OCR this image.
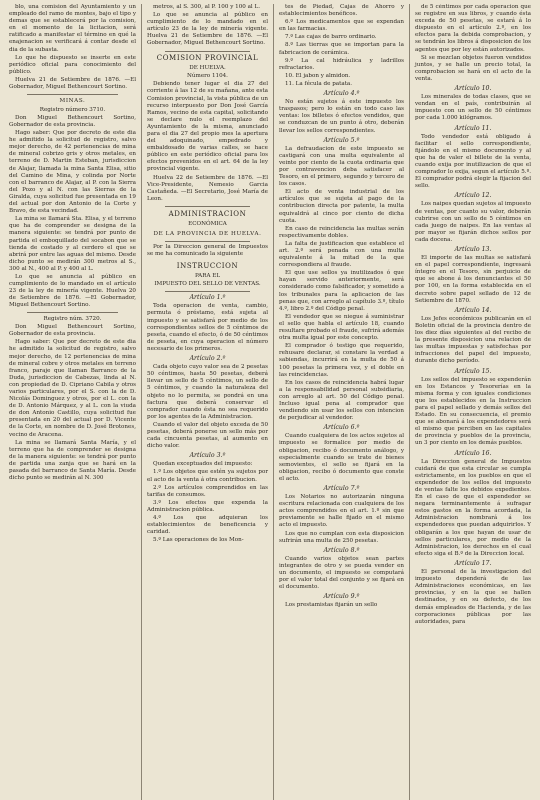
blo, una comision del Ayuntamiento y un empleado del ramo de montes, bajo el tipo y demas que se establecerá por la comision, en el momento de la licitacion, será ratificado a manifestar el término en qué la enajenacion se verificará á contar desde el dia de la subasta.

Lo que he dispuesto se inserte en este periódico oficial para conocimiento del público.

Huelva 21 de Setiembre de 1876. —El Gobernador, Miguel Bethencourt Sortino.

MINAS.

Registro número 3710.

Don Miguel Bethencourt Sortino, Gobernador de esta provincia.

Hago saber: Que por decreto de este dia he admitido la solicitud de registro, salvo mejor derecho, de 42 pertenencias de mina de mineral cobrizo gris y otros metales, en terreno de D. Martin Esteban, jurisdiccion de Alajar, llamada la mina Santa Elisa, sitio del Camino de Mina, y colinda por Norte con el barranco de Alajar, al P. con la Sierra del Pozo y al N. con las Sierras de la Giralda, cuya solicitud fue presentada en 19 del actual por don Antonio de la Corte y Bravo, de esta vecindad.

La mina se llamará Sta. Elisa, y el terreno que ha de comprender se designa de la manera siguiente: se tendrá por punto de partida el emboquillado del socabon que se tienda de costado y al cerdero el que se abrirá por entre las aguas del mismo. Desde dicho punto se medirán 300 metros al S., 300 al N., 400 al P. y 400 al L.

Lo que se anuncia al público en cumplimiento de lo mandado en el artículo 23 de la ley de minería vigente. Huelva 20 de Setiembre de 1876. —El Gobernador, Miguel Bethencourt Sortino.

Registro núm. 3720.

Don Miguel Bethencourt Sortino, Gobernador de esta provincia.

Hago saber: Que por decreto de este dia he admitido la solicitud de registro, salvo mejor derecho, de 12 pertenencias de mina de mineral cobre y otros metales en terreno franco, paraje que llaman Barranco de la Duda, jurisdiccion de Cabezas, linda al N. con propiedad de D. Cipriano Cabila y otros varios particulares, por el S. con la de D. Nicolás Dominguez y otros, por el L. con la de D. Antonio Márquez, y al L. con la viuda de don Antonio Castillo, cuya solicitud fue presentada en 20 del actual por D. Vicente de la Corte, en nombre de D. José Brotones, vecino de Aracena.

La mina se llamará Santa María, y el terreno que ha de comprender se designa de la manera siguiente: se tendrá por punto de partida una zanja que se hará en la pasada del barranco de Santa María. Desde dicho punto se medirán al N. 300

metros, al S. 300, al P. 100 y 100 al L.

Lo que se anuncia al público en cumplimiento de lo mandado en el artículo 23 de la ley de minería vigente. Huelva 21 de Setiembre de 1876. —El Gobernador, Miguel Bethencourt Sortino.

COMISION PROVINCIAL

DE HUELVA.

Número 1104.

Debiendo tener lugar el dia 27 del corriente á las 12 de su mañana, ante esta Comision provincial, la vista pública de un recurso interpuesto por Don José García Ramos, vecino de esta capital, solicitando se declare nulo el reemplazo del Ayuntamiento de la misma, anunciado para el dia 27 del propio mes la apertura del adoquinado, empedrado y embaldosado de varias calles, se hace público en este periódico oficial para los efectos prevenidos en el art. 64 de la ley provincial vigente.

Huelva 22 de Setiembre de 1876. —El Vice-Presidente, Nemesio Garcia Castañeda. —El Secretario, José María de Leon.

ADMINISTRACION

ECONÓMICA

DE LA PROVINCIA DE HUELVA.

Por la Direccion general de Impuestos se me ha comunicado la siguiente

INSTRUCCION

PARA EL

IMPUESTO DEL SELLO DE VENTAS.

Artículo 1.º

Toda operacion de venta, cambio, permuta ó préstamo, está sujeta al impuesto y se satisfará por medio de los correspondientes sellos de 5 céntimos de peseta, cuando el efecto, ó de 50 céntimos de peseta, en cuya operacion el número necesario de los primeros.

Artículo 2.º

Cada objeto cuyo valor sea de 2 pesetas 50 céntimos, hasta 50 pesetas, deberá llevar un sello de 5 céntimos, un sello de 5 céntimos, y cuando la naturaleza del objeto no lo permita, se pondrá en una factura que deberá conservar el comprador cuando ésta no sea requerido por los agentes de la Administracion.

Cuando el valor del objeto exceda de 50 pesetas, deberá ponerse un sello más por cada cincuenta pesetas, al aumento en dicho valor.

Artículo 3.º

Quedan exceptuados del impuesto:

1.º Los objetos que estén ya sujetos por el acto de la venta á otra contribucion.

2.º Los artículos comprendidos en las tarifas de consumos.

3.º Los efectos que expenda la Administracion pública.

4.º Los que adquieran los establecimientos de beneficencia y caridad.

5.º Las operaciones de los Mon-

tes de Piedad, Cajas de Ahorro y establecimientos benéficos.

6.º Los medicamentos que se expendan en las farmacias.

7.º Las cajas de barro ordinario.

8.º Las tierras que se importan para la fabricacion de cerámica.

9.º La cal hidráulica y ladrillos refractarios.

10. El jabon y almidon.

11. La fécula de patata.

Artículo 4.º

No están sujetos á este impuesto los traspasos; pero lo están en todo caso las ventas: los billetes ó efectos vendidos, que se conduzcan de un punto á otro, deberán llevar los sellos correspondientes.

Artículo 5.º

La defraudacion de este impuesto se castigará con una multa equivalente al veinte por ciento de la cuota ordinaria que por contravencion deba satisfacer al Tesoro, en el primero, segundo y tercero de los casos.

El acto de venta industrial de los artículos que se sujeta al pago de la contribucion directa por patente, la multa equivaldrá al cinco por ciento de dicha cuota.

En caso de reincidencia las multas serán respectivamente dobles.

La falta de justificacion que establece el art. 2.º será penada con una multa equivalente á la mitad de la que correspondiera al fraude.

El que use sellos ya inutilizados ó que hayan servido anteriormente, será considerado como falsificador, y sometido a los tribunales para la aplicacion de las penas que, con arreglo al capítulo 3.º, título 4.º, libro 2.º del Código penal.

El vendedor que se niegue á suministrar el sello que habla el artículo 18, cuando resultare probado el fraude, sufrirá además otra multa igual por este concepto.

El comprador ó testigo que requerido, rehusare declarar, si constare la verdad a sabiendas, incurrirá en la multa de 50 á 100 pesetas la primera vez, y el doble en las reincidencias.

En los casos de reincidencia habrá lugar a la responsabilidad personal subsidiaria, con arreglo al art. 50 del Código penal. Incluso igual pena al comprador que vendiendo sin usar los sellos con intencion de perjudicar al vendedor.

Artículo 6.º

Cuando cualquiera de los actos sujetos al impuesto se formalice por medio de obligacion, recibo ó documento análogo, y especialmente cuando se trate de bienes semovientes, el sello se fijará en la obligacion, recibo ó documento que conste el acto.

Artículo 7.º

Los Notarios no autorizarán ninguna escritura relacionada con cualquiera de los actos comprendidos en el art. 1.º sin que previamente se halle fijado en el mismo acto el impuesto.

Los que no cumplan con esta disposicion sufrirán una multa de 250 pesetas.

Artículo 8.º

Cuando varios objetos sean partes integrantes de otro y se pueda vender en un documento, el impuesto se computará por el valor total del conjunto y se fijará en el documento.

Artículo 9.º

Los prestamistas fijarán un sello

de 5 céntimos por cada operacion que se registre en sus libros, y cuando ésta exceda de 50 pesetas, se estará á lo dispuesto en el artículo 2.º, en los efectos para la debida comprobacion, y se tendrán los libros á disposicion de los agentes que por ley están autorizados.

Si se mezclan objetos fueron vendidos juntos, y se halle un precio total, la comprobacion se hará en el acto de la venta.

Artículo 10.

Los minerales de todas clases, que se vendan en el país, contribuirán al impuesto con un sello de 50 céntimos por cada 1.000 kilógramos.

Artículo 11.

Todo vendedor está obligado á facilitar el sello correspondiente, fijándolo en el mismo documento y al que ha de valer el billete de la venta, cuando exija por inutilizacion de que el comprador lo exija, segun el artículo 5.º. El comprador podrá elegir la fijacion del sello.

Artículo 12.

Los naipes quedan sujetos al impuesto de ventas, por cuanto su valor, deberán cubrirse con un sello de 5 céntimos en cada juego de naipes. En las ventas al por mayor se fijarán dichos sellos por cada docena.

Artículo 13.

El importe de las multas se satisfará en el papel correspondiente, ingresará íntegro en el Tesoro, sin perjuicio de que se abone á los denunciantes el 50 por 100, en la forma establecida en el decreto sobre papel sellado de 12 de Setiembre de 1870.

Artículo 14.

Los Jefes económicos publicarán en el Boletin oficial de la provincia dentro de los diez días siguientes al del recibo de la presente disposicion una relacion de las multas impuestas y satisfechas por infracciones del papel del impuesto, durante dicho período.

Artículo 15.

Los sellos del impuesto se expenderán en los Estancos y Tesorerías en la misma forma y con iguales condiciones que los establecidos en la Instruccion para el papel sellado y demás sellos del Estado. En su consecuencia, el premio que se abonará á los expendedores será el mismo que perciben en las capitales de provincia y pueblos de la provincia, un 3 por ciento en los demás pueblos.

Artículo 16.

La Direccion general de Impuestos cuidará de que esta circular se cumpla estrictamente, en los pueblos en que el expendedor de los sellos del impuesto de ventas falte los debidos expedientes. En el caso de que el expendedor se negara terminantemente á sufragar estos gastos en la forma acordada, la Administracion nombrará á los expendedores que puedan adquirirlos. Y obligarán a los que hayan de usar de sellos particulares, por medio de la Administracion, los derechos en el cual efecto siga el B.º de la Direccion local.

Artículo 17.

El personal de la investigacion del impuesto dependerá de las Administraciones económicas, en las provincias, y en la que se hallen destinados, y en su defecto, de los demás empleados de Hacienda, y de las corporaciones públicas por las autoridades, para
